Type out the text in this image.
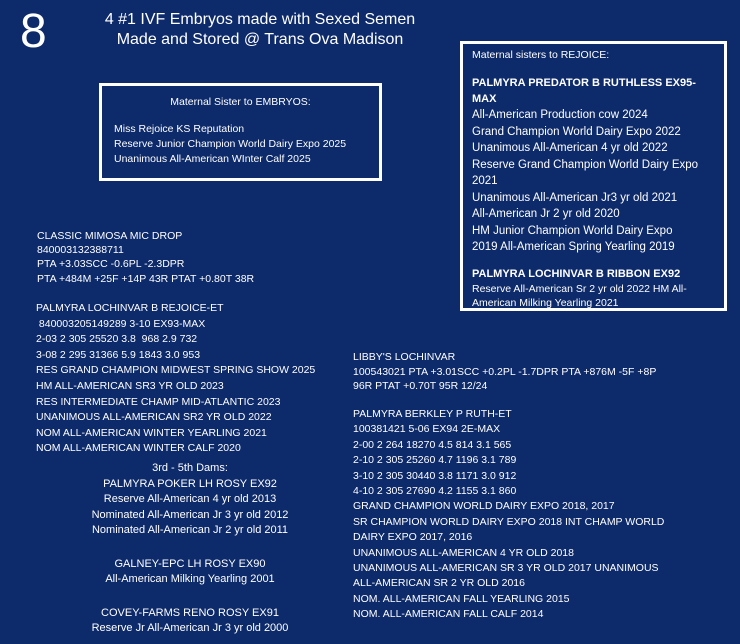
8	4 #1 IVF Embryos made with Sexed Semen
Made and Stored @ Trans Ova Madison
Maternal Sister to EMBRYOS:
Miss Rejoice KS Reputation
Reserve Junior Champion World Dairy Expo 2025
Unanimous All-American WInter Calf 2025
Maternal sisters to REJOICE:
PALMYRA PREDATOR B RUTHLESS EX95-MAX
All-American Production cow 2024
Grand Champion World Dairy Expo 2022
Unanimous All-American 4 yr old 2022
Reserve Grand Champion World Dairy Expo
2021
Unanimous All-American Jr3 yr old 2021
All-American Jr 2 yr old 2020
HM Junior Champion World Dairy Expo
2019 All-American Spring Yearling 2019
PALMYRA LOCHINVAR B RIBBON EX92
Reserve All-American Sr 2 yr old 2022 HM All-American Milking Yearling 2021
CLASSIC MIMOSA MIC DROP
840003132388711
PTA +3.03SCC -0.6PL -2.3DPR
PTA +484M +25F +14P 43R PTAT +0.80T 38R
PALMYRA LOCHINVAR B REJOICE-ET
840003205149289 3-10 EX93-MAX
2-03 2 305 25520 3.8  968 2.9 732
3-08 2 295 31366 5.9 1843 3.0 953
RES GRAND CHAMPION MIDWEST SPRING SHOW 2025
HM ALL-AMERICAN SR3 YR OLD 2023
RES INTERMEDIATE CHAMP MID-ATLANTIC 2023
UNANIMOUS ALL-AMERICAN SR2 YR OLD 2022
NOM ALL-AMERICAN WINTER YEARLING 2021
NOM ALL-AMERICAN WINTER CALF 2020
3rd - 5th Dams:
PALMYRA POKER LH ROSY EX92
Reserve All-American 4 yr old 2013
Nominated All-American Jr 3 yr old 2012
Nominated All-American Jr 2 yr old 2011
GALNEY-EPC LH ROSY EX90
All-American Milking Yearling 2001
COVEY-FARMS RENO ROSY EX91
Reserve Jr All-American Jr 3 yr old 2000
LIBBY'S LOCHINVAR
100543021 PTA +3.01SCC +0.2PL -1.7DPR PTA +876M -5F +8P
96R PTAT +0.70T 95R 12/24
PALMYRA BERKLEY P RUTH-ET
100381421 5-06 EX94 2E-MAX
2-00 2 264 18270 4.5 814 3.1 565
2-10 2 305 25260 4.7 1196 3.1 789
3-10 2 305 30440 3.8 1171 3.0 912
4-10 2 305 27690 4.2 1155 3.1 860
GRAND CHAMPION WORLD DAIRY EXPO 2018, 2017
SR CHAMPION WORLD DAIRY EXPO 2018 INT CHAMP WORLD
DAIRY EXPO 2017, 2016
UNANIMOUS ALL-AMERICAN 4 YR OLD 2018
UNANIMOUS ALL-AMERICAN SR 3 YR OLD 2017 UNANIMOUS
ALL-AMERICAN SR 2 YR OLD 2016
NOM. ALL-AMERICAN FALL YEARLING 2015
NOM. ALL-AMERICAN FALL CALF 2014
